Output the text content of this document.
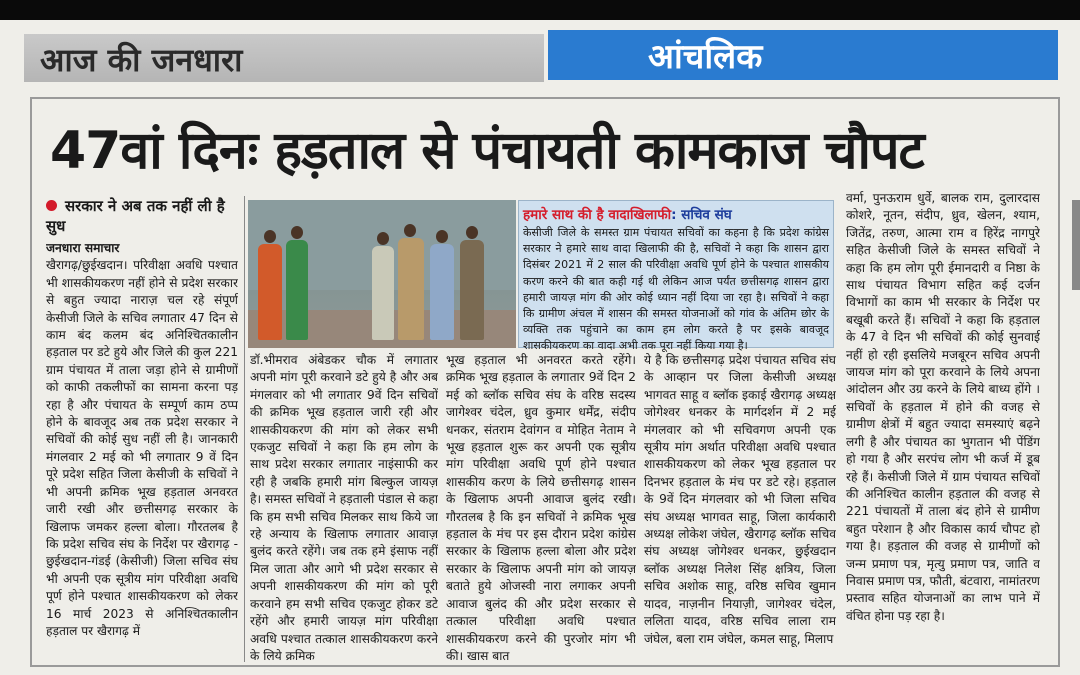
आज की जनधारा	आंचलिक
47वां दिनः हड़ताल से पंचायती कामकाज चौपट
सरकार ने अब तक नहीं ली है सुध
जनधारा समाचार
खैरागढ़/छुईखदान। परिवीक्षा अवधि पश्चात भी शासकीयकरण नहीं होने से प्रदेश सरकार से बहुत ज्यादा नाराज़ चल रहे संपूर्ण केसीजी जिले के सचिव लगातार 47 दिन से काम बंद कलम बंद अनिश्चितकालीन हड़ताल पर डटे हुये और जिले की कुल 221 ग्राम पंचायत में ताला जड़ा होने से ग्रामीणों को काफी तकलीफों का सामना करना पड़ रहा है और पंचायत के सम्पूर्ण काम ठप्प होने के बावजूद अब तक प्रदेश सरकार ने सचिवों की कोई सुध नहीं ली है। जानकारी मंगलवार 2 मई को भी लगातार 9 वें दिन पूरे प्रदेश सहित जिला केसीजी के सचिवों ने भी अपनी क्रमिक भूख हड़ताल अनवरत जारी रखी और छत्तीसगढ़ सरकार के खिलाफ जमकर हल्ला बोला। गौरतलब है कि प्रदेश सचिव संघ के निर्देश पर खैरागढ़ - छुईखदान-गंडई (केसीजी) जिला सचिव संघ भी अपनी एक सूत्रीय मांग परिवीक्षा अवधि पूर्ण होने पश्चात शासकीयकरण को लेकर 16 मार्च 2023 से अनिश्चितकालीन हड़ताल पर खैरागढ़ में
हमारे साथ की है वादाखिलाफी: सचिव संघ
केसीजी जिले के समस्त ग्राम पंचायत सचिवों का कहना है कि प्रदेश कांग्रेस सरकार ने हमारे साथ वादा खिलाफी की है, सचिवों ने कहा कि शासन द्वारा दिसंबर 2021 में 2 साल की परिवीक्षा अवधि पूर्ण होने के पश्चात शासकीय करण करने की बात कही गई थी लेकिन आज पर्यंत छत्तीसगढ़ शासन द्वारा हमारी जायज़ मांग की ओर कोई ध्यान नहीं दिया जा रहा है। सचिवों ने कहा कि ग्रामीण अंचल में शासन की समस्त योजनाओं को गांव के अंतिम छोर के व्यक्ति तक पहुंचाने का काम हम लोग करते है पर इसके बावजूद शासकीयकरण का वादा अभी तक पूरा नहीं किया गया है।
डॉ.भीमराव अंबेडकर चौक में लगातार अपनी मांग पूरी करवाने डटे हुये है और अब मंगलवार को भी लगातार 9वें दिन सचिवों की क्रमिक भूख हड़ताल जारी रही और शासकीयकरण की मांग को लेकर सभी एकजुट सचिवों ने कहा कि हम लोग के साथ प्रदेश सरकार लगातार नाइंसाफी कर रही है जबकि हमारी मांग बिल्कुल जायज़ है। समस्त सचिवों ने हड़ताली पंडाल से कहा कि हम सभी सचिव मिलकर साथ किये जा रहे अन्याय के खिलाफ लगातार आवाज़ बुलंद करते रहेंगे। जब तक हमे इंसाफ नहीं मिल जाता और आगे भी प्रदेश सरकार से अपनी शासकीयकरण की मांग को पूरी करवाने हम सभी सचिव एकजुट होकर डटे रहेंगे और हमारी जायज़ मांग परिवीक्षा अवधि पश्चात तत्काल शासकीयकरण करने के लिये क्रमिक
भूख हड़ताल भी अनवरत करते रहेंगे। क्रमिक भूख हड़ताल के लगातार 9वें दिन 2 मई को ब्लॉक सचिव संघ के वरिष्ठ सदस्य जागेश्वर चंदेल, ध्रुव कुमार धर्मेंद्र, संदीप धनकर, संतराम देवांगन व मोहित नेताम ने भूख हड़ताल शुरू कर अपनी एक सूत्रीय मांग परिवीक्षा अवधि पूर्ण होने पश्चात शासकीय करण के लिये छत्तीसगढ़ शासन के खिलाफ अपनी आवाज बुलंद रखी। गौरतलब है कि इन सचिवों ने क्रमिक भूख हड़ताल के मंच पर इस दौरान प्रदेश कांग्रेस सरकार के खिलाफ हल्ला बोला और प्रदेश सरकार के खिलाफ अपनी मांग को जायज़ बताते हुये ओजस्वी नारा लगाकर अपनी आवाज बुलंद की और प्रदेश सरकार से तत्काल परिवीक्षा अवधि पश्चात शासकीयकरण करने की पुरजोर मांग भी की। खास बात
ये है कि छत्तीसगढ़ प्रदेश पंचायत सचिव संघ के आव्हान पर जिला केसीजी अध्यक्ष भागवत साहू व ब्लॉक इकाई खैरागढ़ अध्यक्ष जोगेश्वर धनकर के मार्गदर्शन में 2 मई मंगलवार को भी सचिवगण अपनी एक सूत्रीय मांग अर्थात परिवीक्षा अवधि पश्चात शासकीयकरण को लेकर भूख हड़ताल पर दिनभर हड़ताल के मंच पर डटे रहे। हड़ताल के 9वें दिन मंगलवार को भी जिला सचिव संघ अध्यक्ष भागवत साहू, जिला कार्यकारी अध्यक्ष लोकेश जंघेल, खैरागढ़ ब्लॉक सचिव संघ अध्यक्ष जोगेश्वर धनकर, छुईखदान ब्लॉक अध्यक्ष निलेश सिंह क्षत्रिय, जिला सचिव अशोक साहू, वरिष्ठ सचिव खुमान यादव, नाज़नीन नियाज़ी, जागेश्वर चंदेल, ललिता यादव, वरिष्ठ सचिव लाला राम जंघेल, बला राम जंघेल, कमल साहू, मिलाप
वर्मा, पुनऊराम धुर्वे, बालक राम, दुलारदास कोशरे, नूतन, संदीप, ध्रुव, खेलन, श्याम, जितेंद्र, तरुण, आत्मा राम व हिरेंद्र नागपुरे सहित केसीजी जिले के समस्त सचिवों ने कहा कि हम लोग पूरी ईमानदारी व निष्ठा के साथ पंचायत विभाग सहित कई दर्जन विभागों का काम भी सरकार के निर्देश पर बखूबी करते हैं। सचिवों ने कहा कि हड़ताल के 47 वे दिन भी सचिवों की कोई सुनवाई नहीं हो रही इसलिये मजबूरन सचिव अपनी जायज मांग को पूरा करवाने के लिये अपना आंदोलन और उग्र करने के लिये बाध्य होंगे । सचिवों के हड़ताल में होने की वजह से ग्रामीण क्षेत्रों में बहुत ज्यादा समस्याएं बढ़ने लगी है और पंचायत का भुगतान भी पेंडिंग हो गया है और सरपंच लोग भी कर्ज में डूब रहे हैं। केसीजी जिले में ग्राम पंचायत सचिवों की अनिश्चित कालीन हड़ताल की वजह से 221 पंचायतों में ताला बंद होने से ग्रामीण बहुत परेशान है और विकास कार्य चौपट हो गया है। हड़ताल की वजह से ग्रामीणों को जन्म प्रमाण पत्र, मृत्यु प्रमाण पत्र, जाति व निवास प्रमाण पत्र, फौती, बंटवारा, नामांतरण प्रस्ताव सहित योजनाओं का लाभ पाने में वंचित होना पड़ रहा है।
